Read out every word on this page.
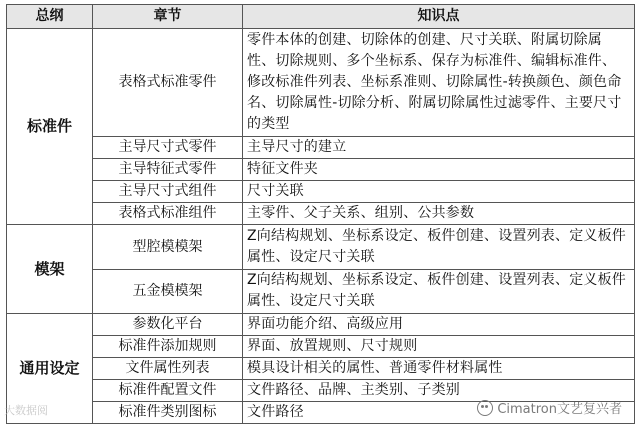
总纲	章节	知识点
标准件	表格式标准零件	零件本体的创建、切除体的创建、尺寸关联、附属切除属性、切除规则、多个坐标系、保存为标准件、编辑标准件、修改标准件列表、坐标系准则、切除属性-转换颜色、颜色命名、切除属性-切除分析、附属切除属性过滤零件、主要尺寸的类型
	主导尺寸式零件	主导尺寸的建立
	主导特征式零件	特征文件夹
	主导尺寸式组件	尺寸关联
	表格式标准组件	主零件、父子关系、组别、公共参数
模架	型腔模模架	Z向结构规划、坐标系设定、板件创建、设置列表、定义板件属性、设定尺寸关联
	五金模模架	Z向结构规划、坐标系设定、板件创建、设置列表、定义板件属性、设定尺寸关联
通用设定	参数化平台	界面功能介绍、高级应用
	标准件添加规则	界面、放置规则、尺寸规则
	文件属性列表	模具设计相关的属性、普通零件材料属性
	标准件配置文件	文件路径、品牌、主类别、子类别
	标准件类别图标	文件路径
大数据阅	Cimatron文艺复兴者
